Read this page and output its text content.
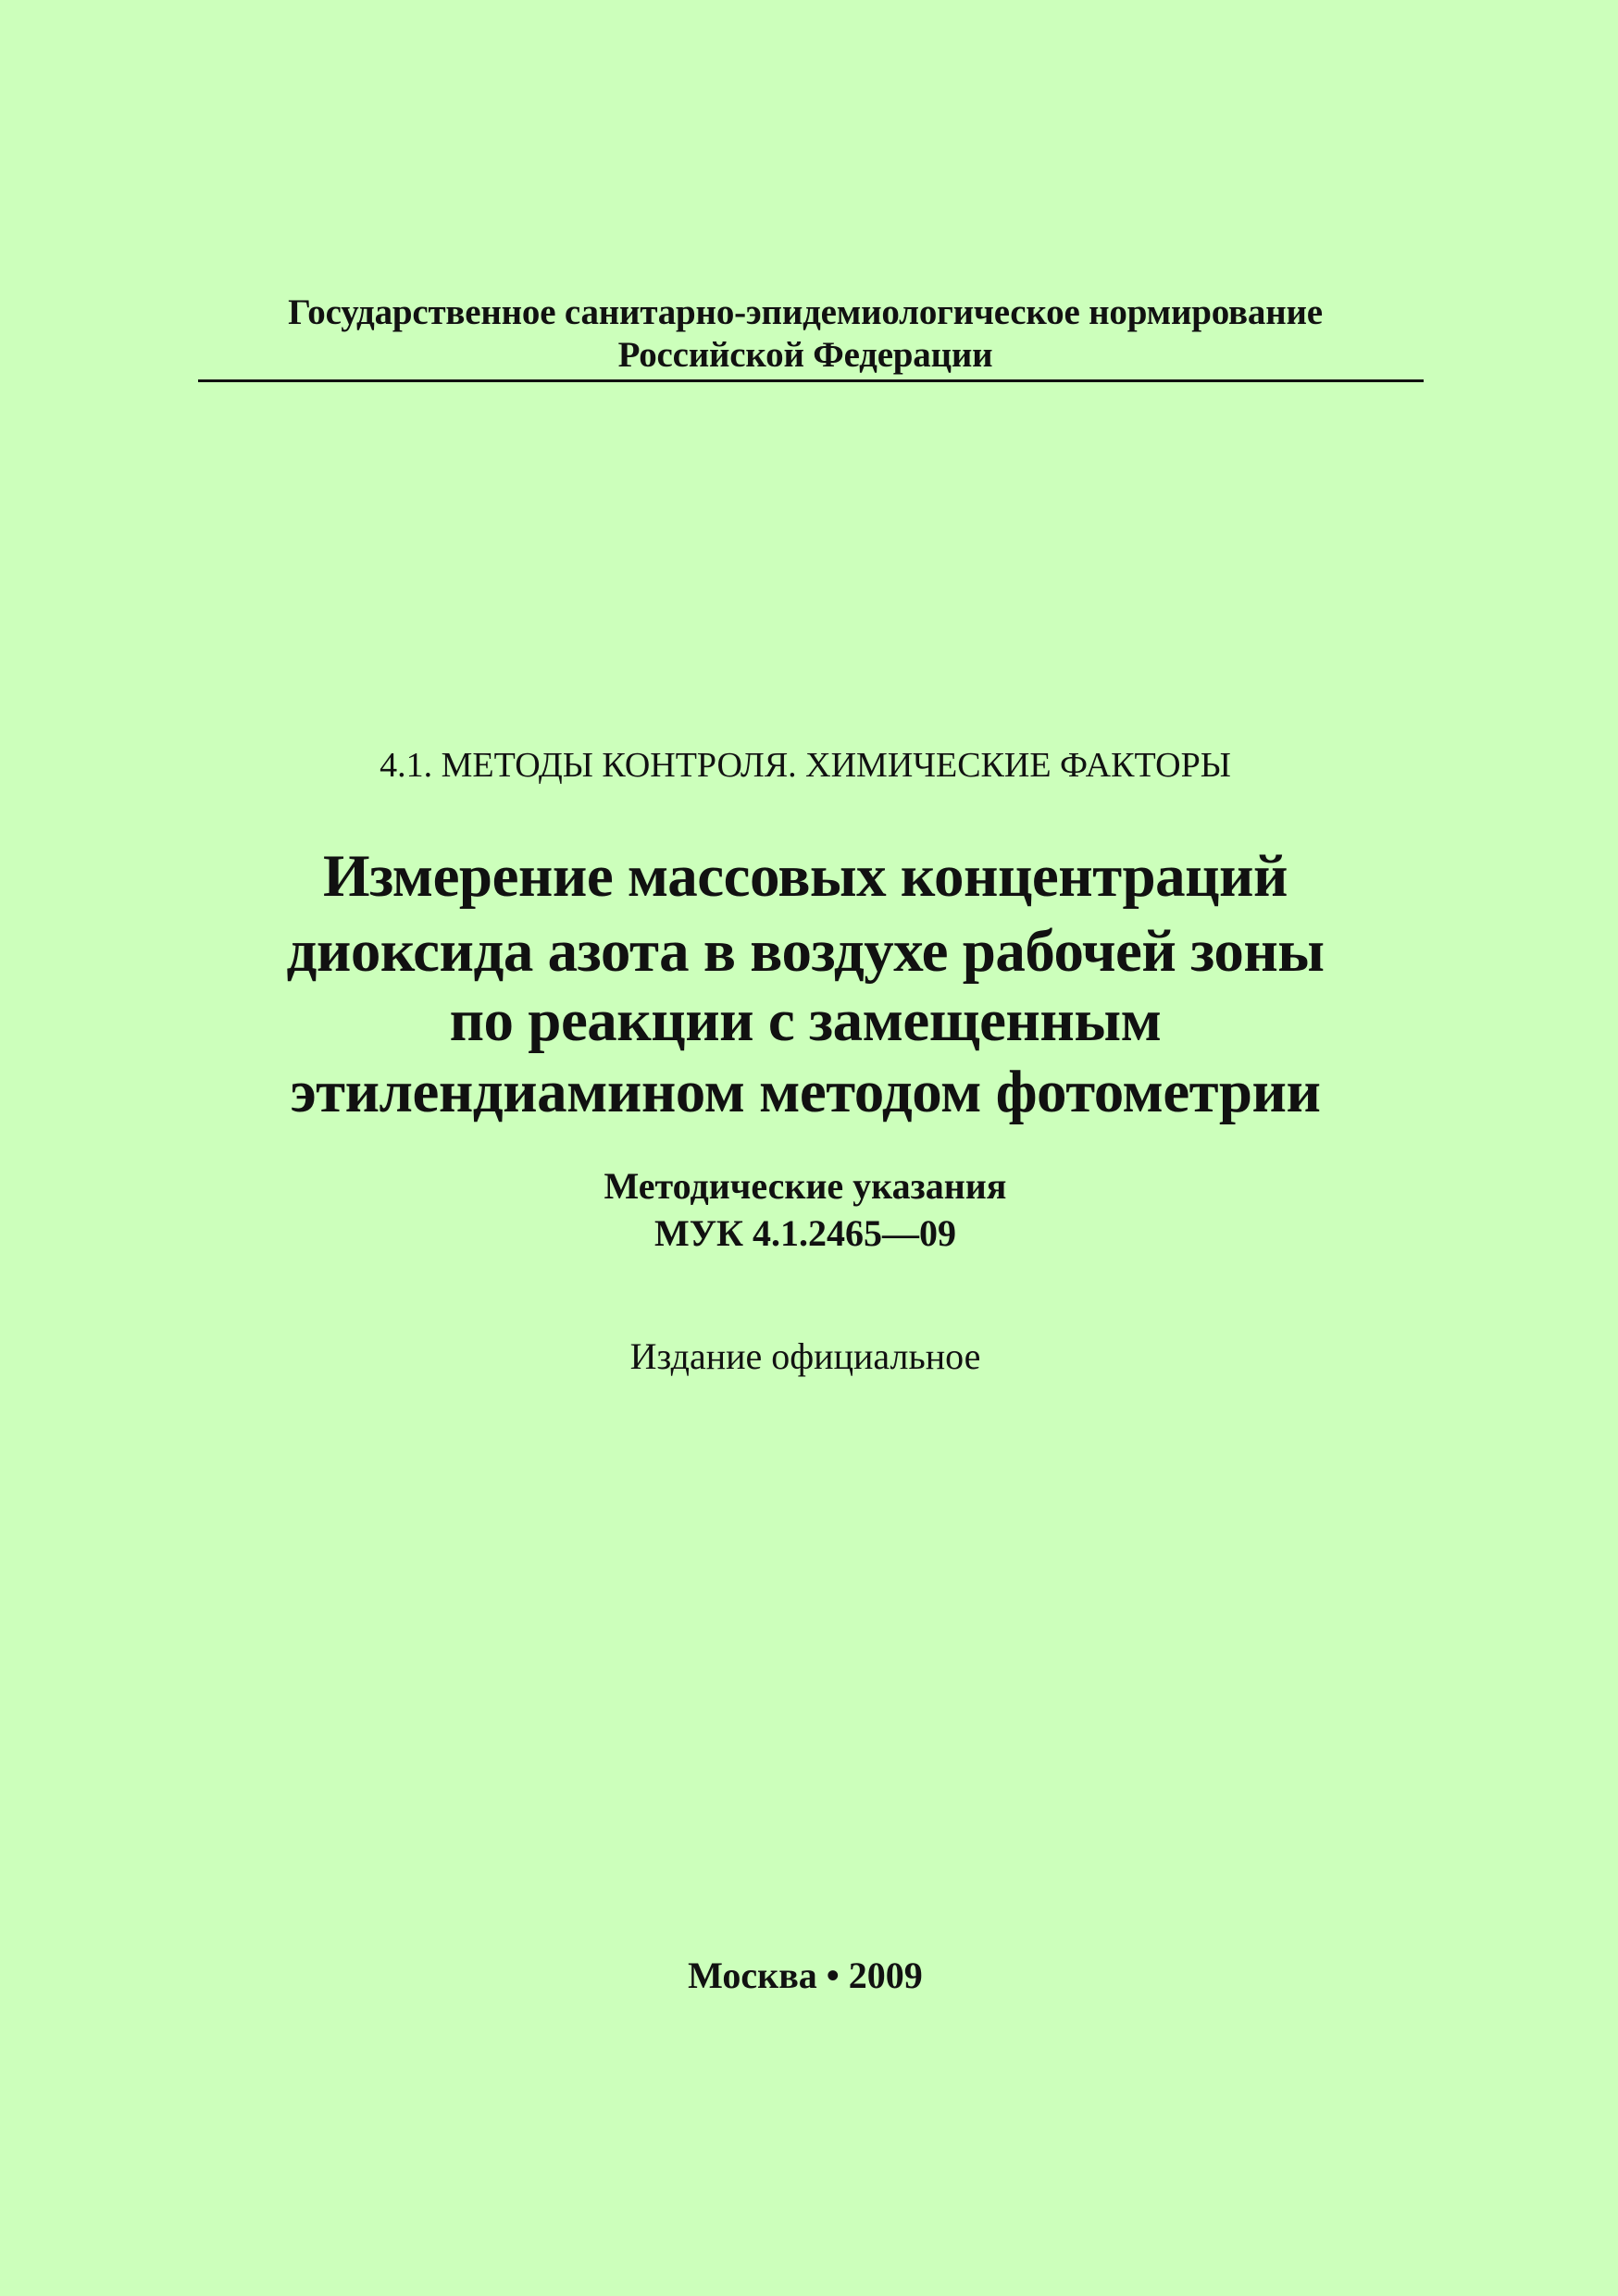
Государственное санитарно-эпидемиологическое нормирование
Российской Федерации
4.1. МЕТОДЫ КОНТРОЛЯ. ХИМИЧЕСКИЕ ФАКТОРЫ
Измерение массовых концентраций
диоксида азота в воздухе рабочей зоны
по реакции с замещенным
этилендиамином методом фотометрии
Методические указания
МУК 4.1.2465—09
Издание официальное
Москва • 2009
